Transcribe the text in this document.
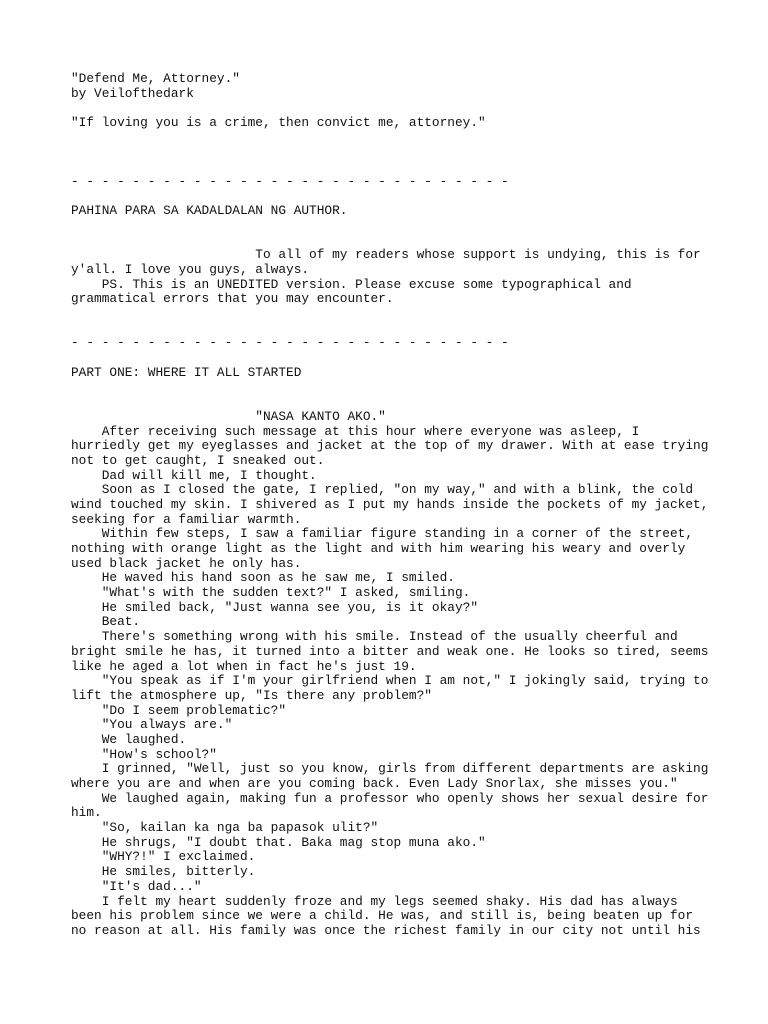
"Defend Me, Attorney."
by Veilofthedark
"If loving you is a crime, then convict me, attorney."
- - - - - - - - - - - - - - - - - - - - - - - - - - - - -
PAHINA PARA SA KADALDALAN NG AUTHOR.
To all of my readers whose support is undying, this is for
y'all. I love you guys, always.
PS. This is an UNEDITED version. Please excuse some typographical and
grammatical errors that you may encounter.
- - - - - - - - - - - - - - - - - - - - - - - - - - - - -
PART ONE: WHERE IT ALL STARTED
"NASA KANTO AKO."
After receiving such message at this hour where everyone was asleep, I
hurriedly get my eyeglasses and jacket at the top of my drawer. With at ease trying
not to get caught, I sneaked out.
Dad will kill me, I thought.
Soon as I closed the gate, I replied, "on my way," and with a blink, the cold
wind touched my skin. I shivered as I put my hands inside the pockets of my jacket,
seeking for a familiar warmth.
Within few steps, I saw a familiar figure standing in a corner of the street,
nothing with orange light as the light and with him wearing his weary and overly
used black jacket he only has.
He waved his hand soon as he saw me, I smiled.
"What's with the sudden text?" I asked, smiling.
He smiled back, "Just wanna see you, is it okay?"
Beat.
There's something wrong with his smile. Instead of the usually cheerful and
bright smile he has, it turned into a bitter and weak one. He looks so tired, seems
like he aged a lot when in fact he's just 19.
"You speak as if I'm your girlfriend when I am not," I jokingly said, trying to
lift the atmosphere up, "Is there any problem?"
"Do I seem problematic?"
"You always are."
We laughed.
"How's school?"
I grinned, "Well, just so you know, girls from different departments are asking
where you are and when are you coming back. Even Lady Snorlax, she misses you."
We laughed again, making fun a professor who openly shows her sexual desire for
him.
"So, kailan ka nga ba papasok ulit?"
He shrugs, "I doubt that. Baka mag stop muna ako."
"WHY?!" I exclaimed.
He smiles, bitterly.
"It's dad..."
I felt my heart suddenly froze and my legs seemed shaky. His dad has always
been his problem since we were a child. He was, and still is, being beaten up for
no reason at all. His family was once the richest family in our city not until his
